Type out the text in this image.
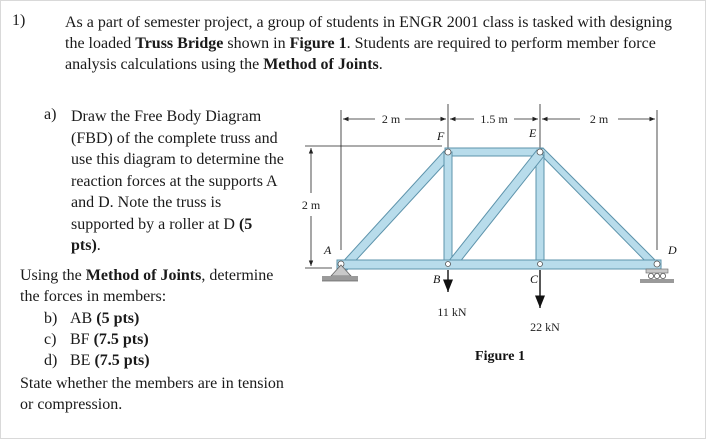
1) As a part of semester project, a group of students in ENGR 2001 class is tasked with designing the loaded Truss Bridge shown in Figure 1. Students are required to perform member force analysis calculations using the Method of Joints.
a) Draw the Free Body Diagram (FBD) of the complete truss and use this diagram to determine the reaction forces at the supports A and D. Note the truss is supported by a roller at D (5 pts).
Using the Method of Joints, determine the forces in members:
b) AB
(5 pts)
c) BF
(7.5 pts)
d) BE
(7.5 pts)
State whether the members are in tension or compression.
2 m	1.5 m	2 m
2 m
11 kN
22 kN
A
B	C
D
E
F
Figure 1
